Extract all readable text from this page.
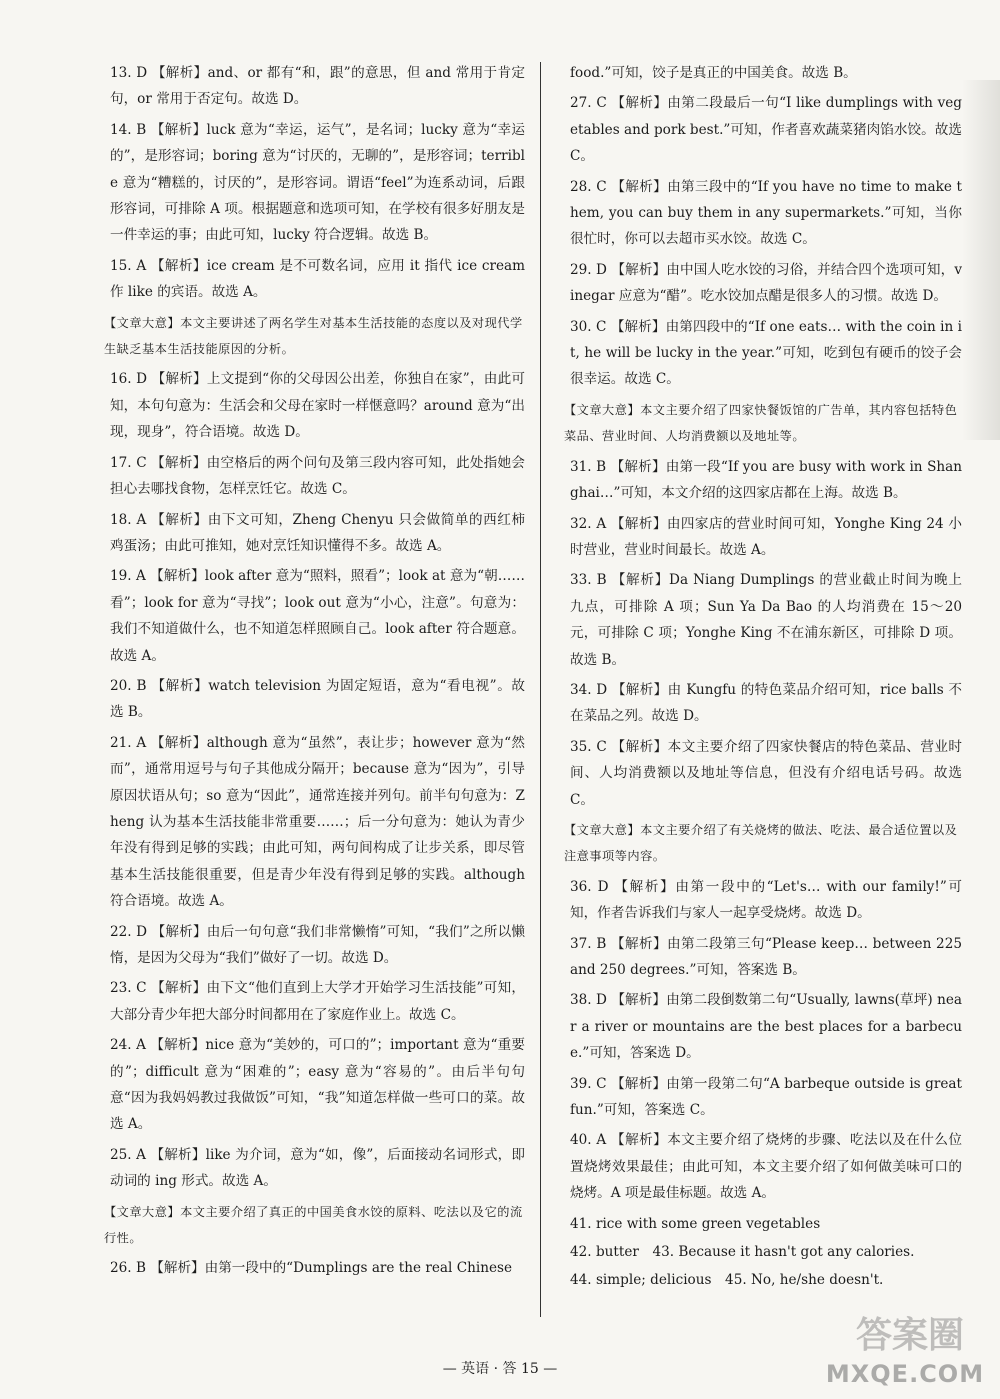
13. D 【解析】and、or 都有“和，跟”的意思，但 and 常用于肯定句，or 常用于否定句。故选 D。
14. B 【解析】luck 意为“幸运，运气”，是名词；lucky 意为“幸运的”，是形容词；boring 意为“讨厌的，无聊的”，是形容词；terrible 意为“糟糕的，讨厌的”，是形容词。谓语“feel”为连系动词，后跟形容词，可排除 A 项。根据题意和选项可知，在学校有很多好朋友是一件幸运的事；由此可知，lucky 符合逻辑。故选 B。
15. A 【解析】ice cream 是不可数名词，应用 it 指代 ice cream 作 like 的宾语。故选 A。
【文章大意】本文主要讲述了两名学生对基本生活技能的态度以及对现代学生缺乏基本生活技能原因的分析。
16. D 【解析】上文提到“你的父母因公出差，你独自在家”，由此可知，本句句意为：生活会和父母在家时一样惬意吗？around 意为“出现，现身”，符合语境。故选 D。
17. C 【解析】由空格后的两个问句及第三段内容可知，此处指她会担心去哪找食物，怎样烹饪它。故选 C。
18. A 【解析】由下文可知，Zheng Chenyu 只会做简单的西红柿鸡蛋汤；由此可推知，她对烹饪知识懂得不多。故选 A。
19. A 【解析】look after 意为“照料，照看”；look at 意为“朝……看”；look for 意为“寻找”；look out 意为“小心，注意”。句意为：我们不知道做什么，也不知道怎样照顾自己。look after 符合题意。故选 A。
20. B 【解析】watch television 为固定短语，意为“看电视”。故选 B。
21. A 【解析】although 意为“虽然”，表让步；however 意为“然而”，通常用逗号与句子其他成分隔开；because 意为“因为”，引导原因状语从句；so 意为“因此”，通常连接并列句。前半句句意为：Zheng 认为基本生活技能非常重要……；后一分句意为：她认为青少年没有得到足够的实践；由此可知，两句间构成了让步关系，即尽管基本生活技能很重要，但是青少年没有得到足够的实践。although 符合语境。故选 A。
22. D 【解析】由后一句句意“我们非常懒惰”可知，“我们”之所以懒惰，是因为父母为“我们”做好了一切。故选 D。
23. C 【解析】由下文“他们直到上大学才开始学习生活技能”可知，大部分青少年把大部分时间都用在了家庭作业上。故选 C。
24. A 【解析】nice 意为“美妙的，可口的”；important 意为“重要的”；difficult 意为“困难的”；easy 意为“容易的”。由后半句句意“因为我妈妈教过我做饭”可知，“我”知道怎样做一些可口的菜。故选 A。
25. A 【解析】like 为介词，意为“如，像”，后面接动名词形式，即动词的 ing 形式。故选 A。
【文章大意】本文主要介绍了真正的中国美食水饺的原料、吃法以及它的流行性。
26. B 【解析】由第一段中的“Dumplings are the real Chinese
food.”可知，饺子是真正的中国美食。故选 B。
27. C 【解析】由第二段最后一句“I like dumplings with vegetables and pork best.”可知，作者喜欢蔬菜猪肉馅水饺。故选 C。
28. C 【解析】由第三段中的“If you have no time to make them, you can buy them in any supermarkets.”可知，当你很忙时，你可以去超市买水饺。故选 C。
29. D 【解析】由中国人吃水饺的习俗，并结合四个选项可知，vinegar 应意为“醋”。吃水饺加点醋是很多人的习惯。故选 D。
30. C 【解析】由第四段中的“If one eats… with the coin in it, he will be lucky in the year.”可知，吃到包有硬币的饺子会很幸运。故选 C。
【文章大意】本文主要介绍了四家快餐饭馆的广告单，其内容包括特色菜品、营业时间、人均消费额以及地址等。
31. B 【解析】由第一段“If you are busy with work in Shanghai…”可知，本文介绍的这四家店都在上海。故选 B。
32. A 【解析】由四家店的营业时间可知，Yonghe King 24 小时营业，营业时间最长。故选 A。
33. B 【解析】Da Niang Dumplings 的营业截止时间为晚上九点，可排除 A 项；Sun Ya Da Bao 的人均消费在 15～20 元，可排除 C 项；Yonghe King 不在浦东新区，可排除 D 项。故选 B。
34. D 【解析】由 Kungfu 的特色菜品介绍可知，rice balls 不在菜品之列。故选 D。
35. C 【解析】本文主要介绍了四家快餐店的特色菜品、营业时间、人均消费额以及地址等信息，但没有介绍电话号码。故选 C。
【文章大意】本文主要介绍了有关烧烤的做法、吃法、最合适位置以及注意事项等内容。
36. D 【解析】由第一段中的“Let's… with our family!”可知，作者告诉我们与家人一起享受烧烤。故选 D。
37. B 【解析】由第二段第三句“Please keep… between 225 and 250 degrees.”可知，答案选 B。
38. D 【解析】由第二段倒数第二句“Usually, lawns(草坪) near a river or mountains are the best places for a barbecue.”可知，答案选 D。
39. C 【解析】由第一段第二句“A barbeque outside is great fun.”可知，答案选 C。
40. A 【解析】本文主要介绍了烧烤的步骤、吃法以及在什么位置烧烤效果最佳；由此可知，本文主要介绍了如何做美味可口的烧烤。A 项是最佳标题。故选 A。
41. rice with some green vegetables
42. butter　43. Because it hasn't got any calories.
44. simple; delicious　45. No, he/she doesn't.
— 英语 · 答 15 —
答案圈
MXQE.COM
